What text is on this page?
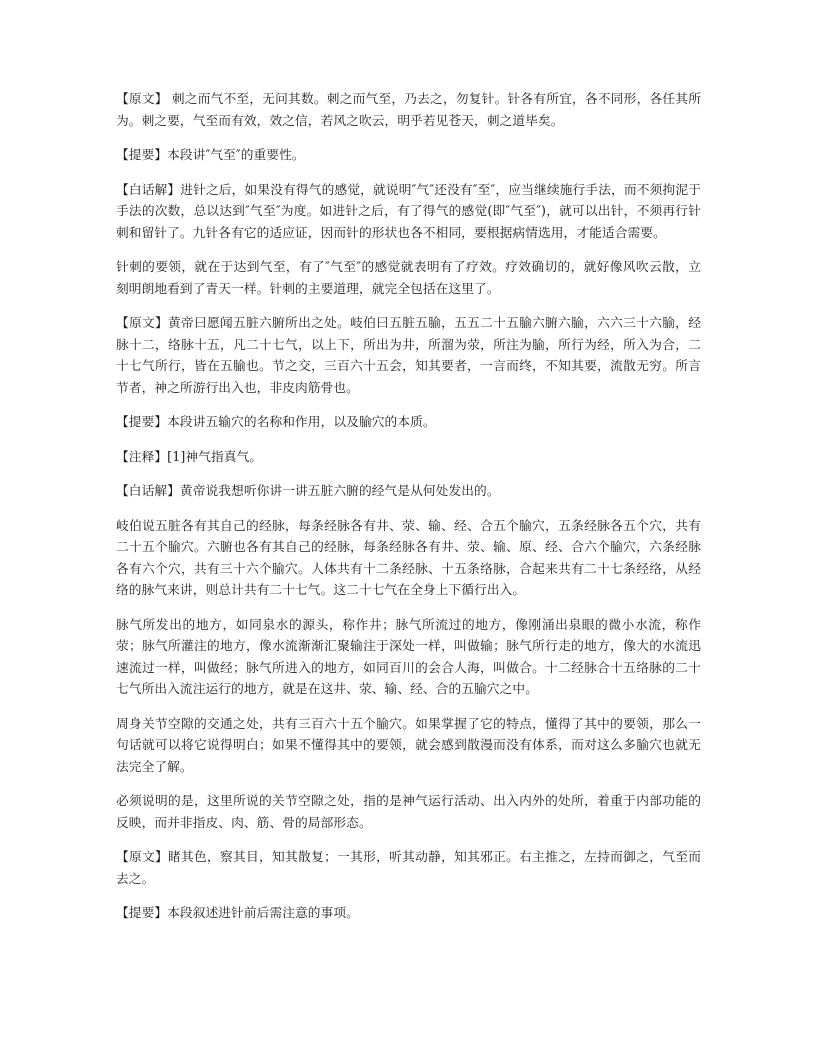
【原文】 刺之而气不至，无问其数。刺之而气至，乃去之，勿复针。针各有所宜，各不同形，各任其所为。刺之要，气至而有效，效之信，若风之吹云，明乎若见苍天，刺之道毕矣。

【提要】本段讲″气至″的重要性。

【白话解】进针之后，如果没有得气的感觉，就说明″气″还没有″至″，应当继续施行手法，而不须拘泥于手法的次数，总以达到″气至″为度。如进针之后，有了得气的感觉(即″气至″)，就可以出针，不须再行针刺和留针了。九针各有它的适应证，因而针的形状也各不相同，要根据病情选用，才能适合需要。

针刺的要领，就在于达到气至，有了″气至″的感觉就表明有了疗效。疗效确切的，就好像风吹云散，立刻明朗地看到了青天一样。针刺的主要道理，就完全包括在这里了。

【原文】黄帝曰愿闻五脏六腑所出之处。岐伯曰五脏五腧，五五二十五腧六腑六腧，六六三十六腧，经脉十二，络脉十五，凡二十七气，以上下，所出为井，所溜为荥，所注为腧，所行为经，所入为合，二十七气所行，皆在五腧也。节之交，三百六十五会，知其要者，一言而终，不知其要，流散无穷。所言节者，神之所游行出入也，非皮肉筋骨也。

【提要】本段讲五输穴的名称和作用，以及腧穴的本质。

【注释】[1]神气指真气。

【白话解】黄帝说我想听你讲一讲五脏六腑的经气是从何处发出的。

岐伯说五脏各有其自己的经脉，每条经脉各有井、荥、输、经、合五个腧穴，五条经脉各五个穴，共有二十五个腧穴。六腑也各有其自己的经脉，每条经脉各有井、荥、输、原、经、合六个腧穴，六条经脉各有六个穴，共有三十六个腧穴。人体共有十二条经脉、十五条络脉，合起来共有二十七条经络，从经络的脉气来讲，则总计共有二十七气。这二十七气在全身上下循行出入。

脉气所发出的地方，如同泉水的源头，称作井；脉气所流过的地方，像刚涌出泉眼的微小水流，称作荥；脉气所灌注的地方，像水流渐渐汇聚输注于深处一样，叫做输；脉气所行走的地方，像大的水流迅速流过一样，叫做经；脉气所进入的地方，如同百川的会合人海，叫做合。十二经脉合十五络脉的二十七气所出入流注运行的地方，就是在这井、荥、输、经、合的五腧穴之中。

周身关节空隙的交通之处，共有三百六十五个腧穴。如果掌握了它的特点，懂得了其中的要领，那么一句话就可以将它说得明白；如果不懂得其中的要领，就会感到散漫而没有体系，而对这么多腧穴也就无法完全了解。

必须说明的是，这里所说的关节空隙之处，指的是神气运行活动、出入内外的处所，着重于内部功能的反映，而并非指皮、肉、筋、骨的局部形态。

【原文】睹其色，察其目，知其散复；一其形，听其动静，知其邪正。右主推之，左持而御之，气至而去之。

【提要】本段叙述进针前后需注意的事项。
